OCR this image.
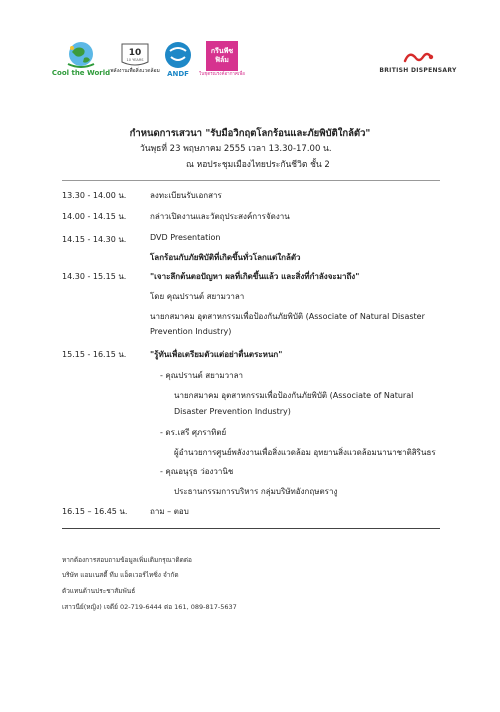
Cool the World
10
10 YEARS
พลังงานเพื่อสิ่งแวดล้อม ANDF
กรีนพีซ
ฟิล์ม
ในชุดรณรงค์อากาศเพื่อ
BRITISH DISPENSARY
กำหนดการเสวนา "รับมือวิกฤตโลกร้อนและภัยพิบัติใกล้ตัว"
วันพุธที่ 23 พฤษภาคม 2555 เวลา 13.30-17.00 น.
ณ หอประชุมเมืองไทยประกันชีวิต ชั้น 2
13.30 - 14.00 น.	ลงทะเบียนรับเอกสาร
14.00 - 14.15 น.	กล่าวเปิดงานและวัตถุประสงค์การจัดงาน
14.15 - 14.30 น.	DVD Presentation
โลกร้อนกับภัยพิบัติที่เกิดขึ้นทั่วโลกแต่ใกล้ตัว
14.30 - 15.15 น.	"เจาะลึกต้นตอปัญหา ผลที่เกิดขึ้นแล้ว และสิ่งที่กำลังจะมาถึง"
โดย คุณปรานต์ สยามวาลา
นายกสมาคม อุตสาหกรรมเพื่อป้องกันภัยพิบัติ (Associate of Natural Disaster
Prevention Industry)
15.15 - 16.15 น.	"รู้ทันเพื่อเตรียมตัวแต่อย่าตื่นตระหนก"
- คุณปรานต์ สยามวาลา
นายกสมาคม อุตสาหกรรมเพื่อป้องกันภัยพิบัติ (Associate of Natural
Disaster Prevention Industry)
- ดร.เสรี ศุภราทิตย์
ผู้อำนวยการศูนย์พลังงานเพื่อสิ่งแวดล้อม อุทยานสิ่งแวดล้อมนานาชาติสิรินธร
- คุณอนุรุธ ว่องวานิช
ประธานกรรมการบริหาร กลุ่มบริษัทอังกฤษตรางู
16.15 – 16.45 น.	ถาม – ตอบ
หากต้องการสอบถามข้อมูลเพิ่มเติมกรุณาติดต่อ
บริษัท แอมเนสตี้ ทีม แอ็ดเวอร์ไทซิ่ง จำกัด
ตัวแทนด้านประชาสัมพันธ์
เสาวนีย์(หญิง) เจดีย์ 02-719-6444 ต่อ 161, 089-817-5637
